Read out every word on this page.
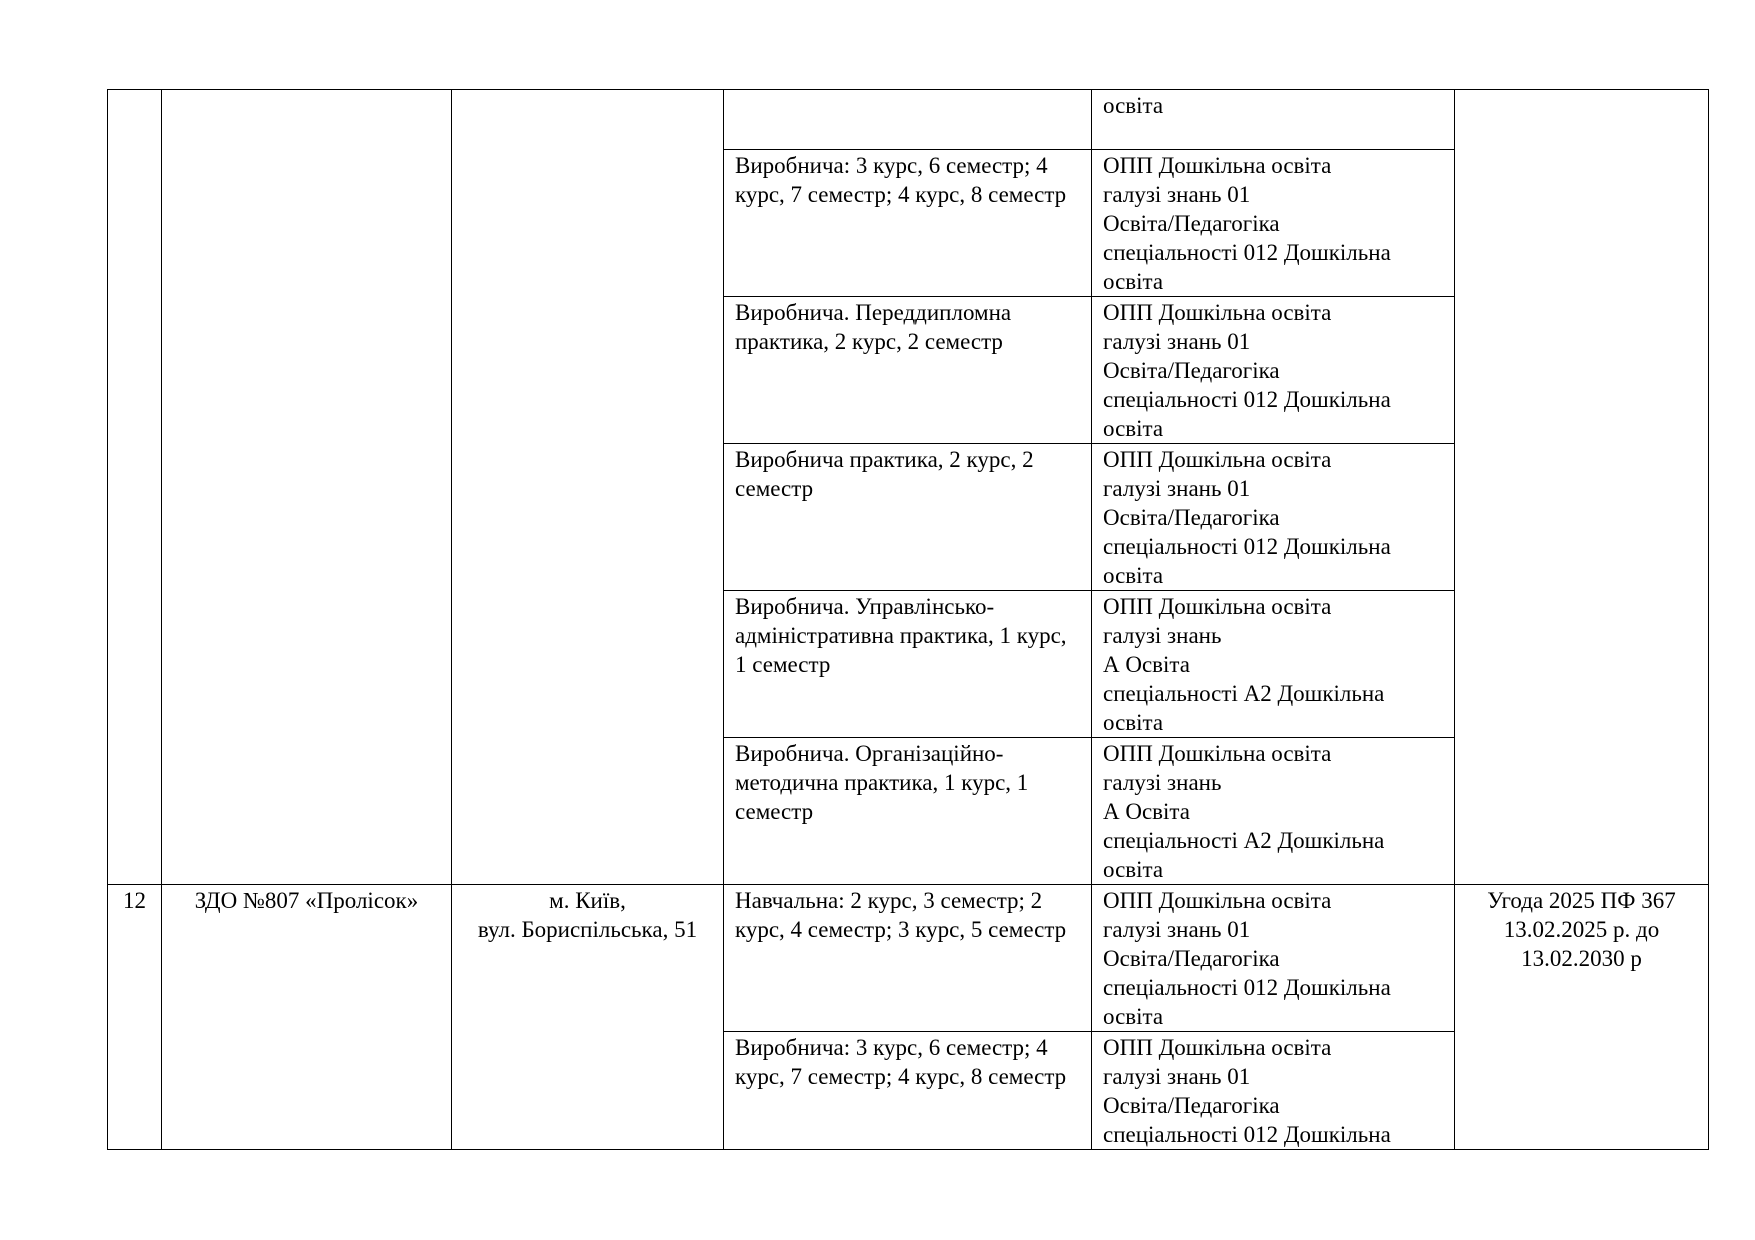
				освіта	

			Виробнича: 3 курс, 6 семестр; 4 курс, 7 семестр; 4 курс, 8 семестр	ОПП Дошкільна освіта
галузі знань 01
Освіта/Педагогіка
спеціальності 012 Дошкільна
освіта	

			Виробнича. Переддипломна практика, 2 курс, 2 семестр	ОПП Дошкільна освіта
галузі знань 01
Освіта/Педагогіка
спеціальності 012 Дошкільна
освіта	

			Виробнича практика, 2 курс, 2 семестр	ОПП Дошкільна освіта
галузі знань 01
Освіта/Педагогіка
спеціальності 012 Дошкільна
освіта	

			Виробнича. Управлінсько-адміністративна практика, 1 курс, 1 семестр	ОПП Дошкільна освіта
галузі знань
А Освіта
спеціальності А2 Дошкільна
освіта	

			Виробнича. Організаційно-методична практика, 1 курс, 1 семестр	ОПП Дошкільна освіта
галузі знань
А Освіта
спеціальності А2 Дошкільна
освіта	

12	ЗДО №807 «Пролісок»	м. Київ,
вул. Бориспільська, 51	Навчальна: 2 курс, 3 семестр; 2 курс, 4 семестр; 3 курс, 5 семестр	ОПП Дошкільна освіта
галузі знань 01
Освіта/Педагогіка
спеціальності 012 Дошкільна
освіта	Угода 2025 ПФ 367 13.02.2025 р. до 13.02.2030 р
			Виробнича: 3 курс, 6 семестр; 4 курс, 7 семестр; 4 курс, 8 семестр	ОПП Дошкільна освіта
галузі знань 01
Освіта/Педагогіка
спеціальності 012 Дошкільна	
